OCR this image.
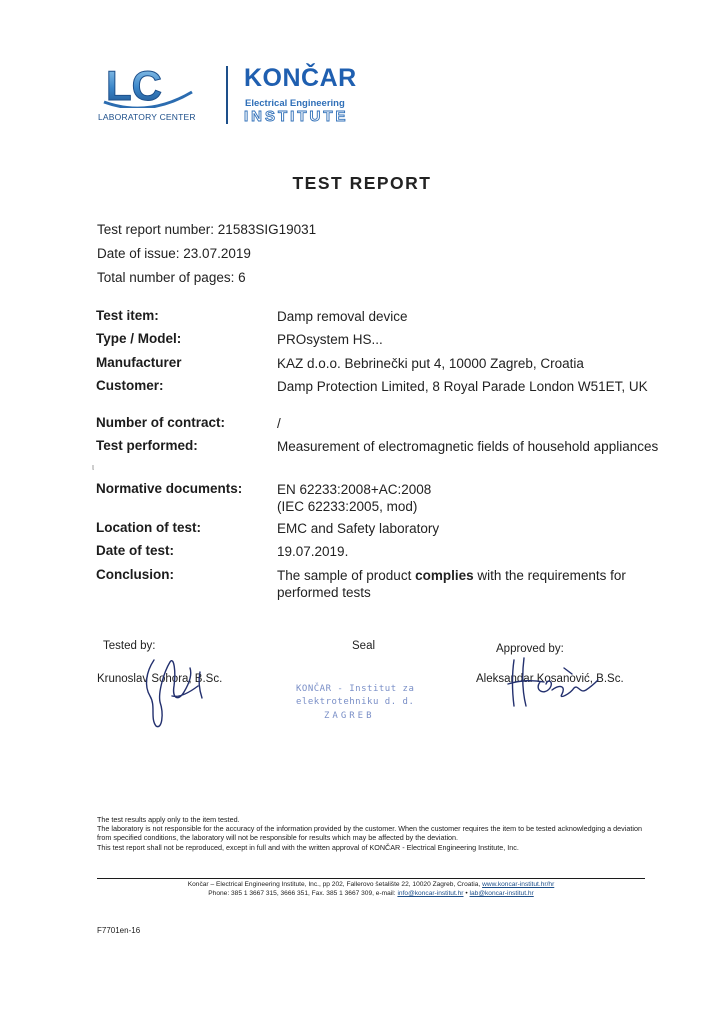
LC
LABORATORY CENTER
KONČAR
Electrical Engineering
INSTITUTE
TEST REPORT
Test report number: 21583SIG19031
Date of issue: 23.07.2019
Total number of pages: 6
Test item:	Damp removal device
Type / Model:	PROsystem HS...
Manufacturer	KAZ d.o.o. Bebrinečki put 4, 10000 Zagreb, Croatia
Customer:	Damp Protection Limited, 8 Royal Parade London W51ET, UK
Number of contract:	/
Test performed:	Measurement of electromagnetic fields of household appliances
ι
Normative documents:	EN 62233:2008+AC:2008
(IEC 62233:2005, mod)
Location of test:	EMC and Safety laboratory
Date of test:	19.07.2019.
Conclusion:	The sample of product complies with the requirements for performed tests
Tested by:
Krunoslav Sohora, B.Sc.
Seal
KONČAR - Institut za
elektrotehniku d. d.
ZAGREB
Approved by:
Aleksandar Kosanović, B.Sc.

The test results apply only to the item tested.

The laboratory is not responsible for the accuracy of the information provided by the customer. When the customer requires the item to be tested acknowledging a deviation from specified conditions, the laboratory will not be responsible for results which may be affected by the deviation.

This test report shall not be reproduced, except in full and with the written approval of KONČAR - Electrical Engineering Institute, Inc.

Končar – Electrical Engineering Institute, Inc., pp 202, Fallerovo šetalište 22, 10020 Zagreb, Croatia, www.koncar-institut.hr/hr
Phone: 385 1 3667 315, 3666 351, Fax. 385 1 3667 309, e-mail: info@koncar-institut.hr • lab@koncar-institut.hr
F7701en-16
